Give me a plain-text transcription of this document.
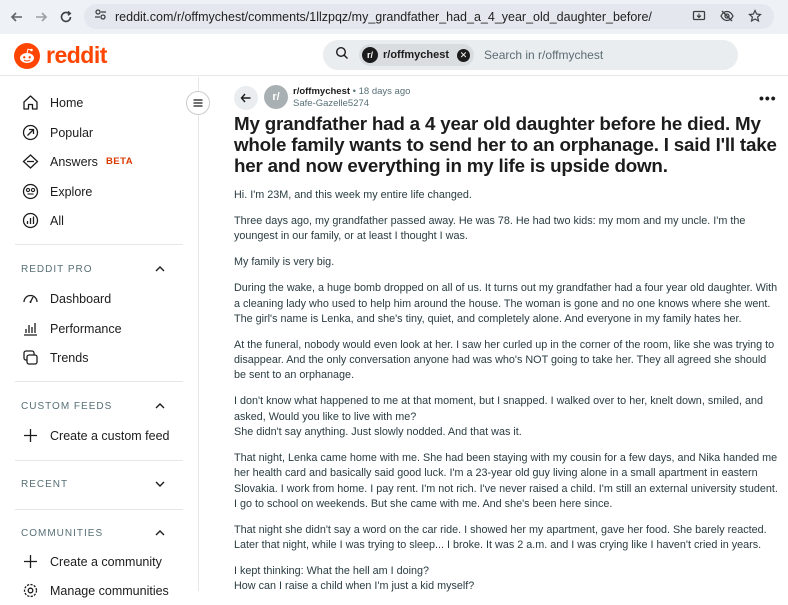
reddit.com/r/offmychest/comments/1llzpqz/my_grandfather_had_a_4_year_old_daughter_before/
reddit	r/ r/offmychest	✕ Search in r/offmychest
Home
Popular
Answers BETA
Explore
All
REDDIT PRO
Dashboard
Performance
Trends
CUSTOM FEEDS
Create a custom feed
RECENT
COMMUNITIES
Create a community
Manage communities
r/	r/offmychest • 18 days ago
Safe-Gazelle5274	•••
My grandfather had a 4 year old daughter before he died. My whole family wants to send her to an orphanage. I said I'll take her and now everything in my life is upside down.

Hi. I'm 23M, and this week my entire life changed.

Three days ago, my grandfather passed away. He was 78. He had two kids: my mom and my uncle. I'm the youngest in our family, or at least I thought I was.

My family is very big.

During the wake, a huge bomb dropped on all of us. It turns out my grandfather had a four year old daughter. With a cleaning lady who used to help him around the house. The woman is gone and no one knows where she went. The girl's name is Lenka, and she's tiny, quiet, and completely alone. And everyone in my family hates her.

At the funeral, nobody would even look at her. I saw her curled up in the corner of the room, like she was trying to disappear. And the only conversation anyone had was who's NOT going to take her. They all agreed she should be sent to an orphanage.

I don't know what happened to me at that moment, but I snapped. I walked over to her, knelt down, smiled, and asked, Would you like to live with me?
She didn't say anything. Just slowly nodded. And that was it.

That night, Lenka came home with me. She had been staying with my cousin for a few days, and Nika handed me her health card and basically said good luck. I'm a 23-year old guy living alone in a small apartment in eastern Slovakia. I work from home. I pay rent. I'm not rich. I've never raised a child. I'm still an external university student. I go to school on weekends. But she came with me. And she's been here since.

That night she didn't say a word on the car ride. I showed her my apartment, gave her food. She barely reacted. Later that night, while I was trying to sleep... I broke. It was 2 a.m. and I was crying like I haven't cried in years.

I kept thinking: What the hell am I doing?
How can I raise a child when I'm just a kid myself?
